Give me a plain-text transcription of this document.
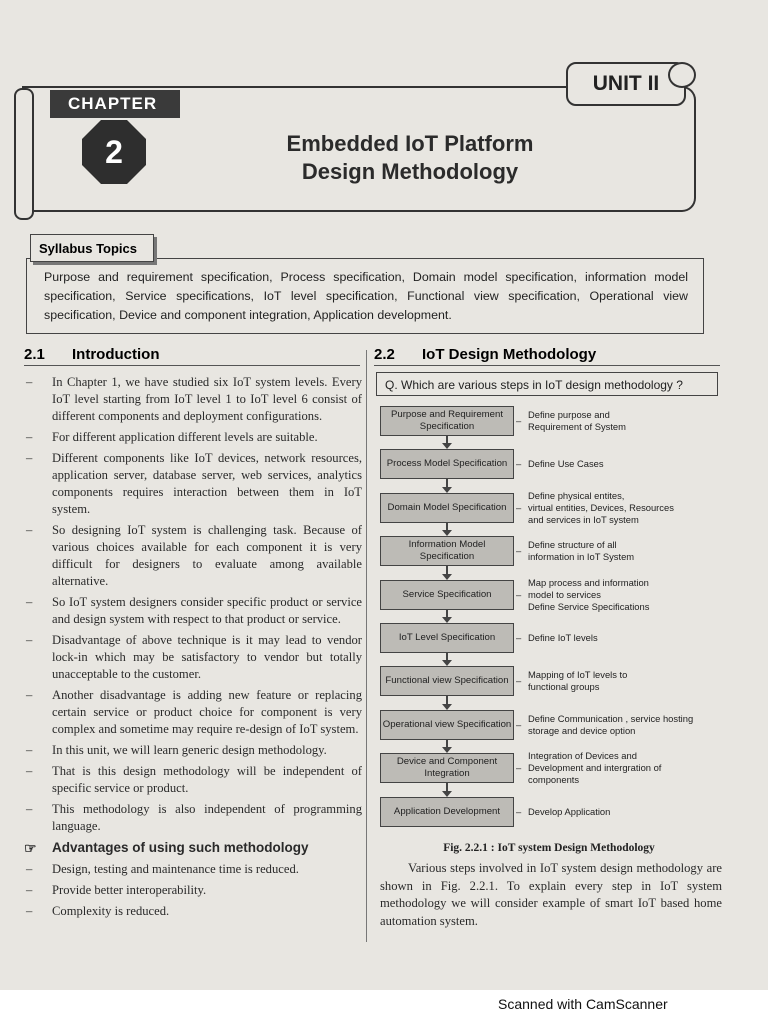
UNIT II
CHAPTER
2	Embedded IoT Platform
Design Methodology
Syllabus Topics
Purpose and requirement specification, Process specification, Domain model specification, information model specification, Service specifications, IoT level specification, Functional view specification, Operational view specification, Device and component integration, Application development.
2.1 Introduction	2.2 IoT Design Methodology
– In Chapter 1, we have studied six IoT system levels. Every IoT level starting from IoT level 1 to IoT level 6 consist of different components and deployment configurations.
– For different application different levels are suitable.
– Different components like IoT devices, network resources, application server, database server, web services, analytics components requires interaction between them in IoT system.
– So designing IoT system is challenging task. Because of various choices available for each component it is very difficult for designers to evaluate among available alternative.
– So IoT system designers consider specific product or service and design system with respect to that product or service.
– Disadvantage of above technique is it may lead to vendor lock-in which may be satisfactory to vendor but totally unacceptable to the customer.
– Another disadvantage is adding new feature or replacing certain service or product choice for component is very complex and sometime may require re-design of IoT system.
– In this unit, we will learn generic design methodology.
– That is this design methodology will be independent of specific service or product.
– This methodology is also independent of programming language.
☞ Advantages of using such methodology
– Design, testing and maintenance time is reduced.
– Provide better interoperability.
– Complexity is reduced.
Q. Which are various steps in IoT design methodology ?
Fig. 2.2.1 : IoT system Design Methodology
Various steps involved in IoT system design methodology are shown in Fig. 2.2.1. To explain every step in IoT system methodology we will consider example of smart IoT based home automation system.
Purpose and Requirement Specification
–
Define purpose and
Requirement of System
Process Model Specification – Define Use Cases
Domain Model Specification	–
Define physical entites,
virtual entities, Devices, Resources
and services in IoT system
Information Model Specification
–
Define structure of all
information in IoT System
Service Specification	–
Map process and information
model to services
Define Service Specifications
IoT Level Specification	– Define IoT levels
Functional view Specification –
Mapping of IoT levels to
functional groups
Operational view Specification –
Define Communication , service hosting
storage and device option
Device and Component Integration
–
Integration of Devices and
Development and intergration of
components
Application Development	– Develop Application
Scanned with CamScanner
